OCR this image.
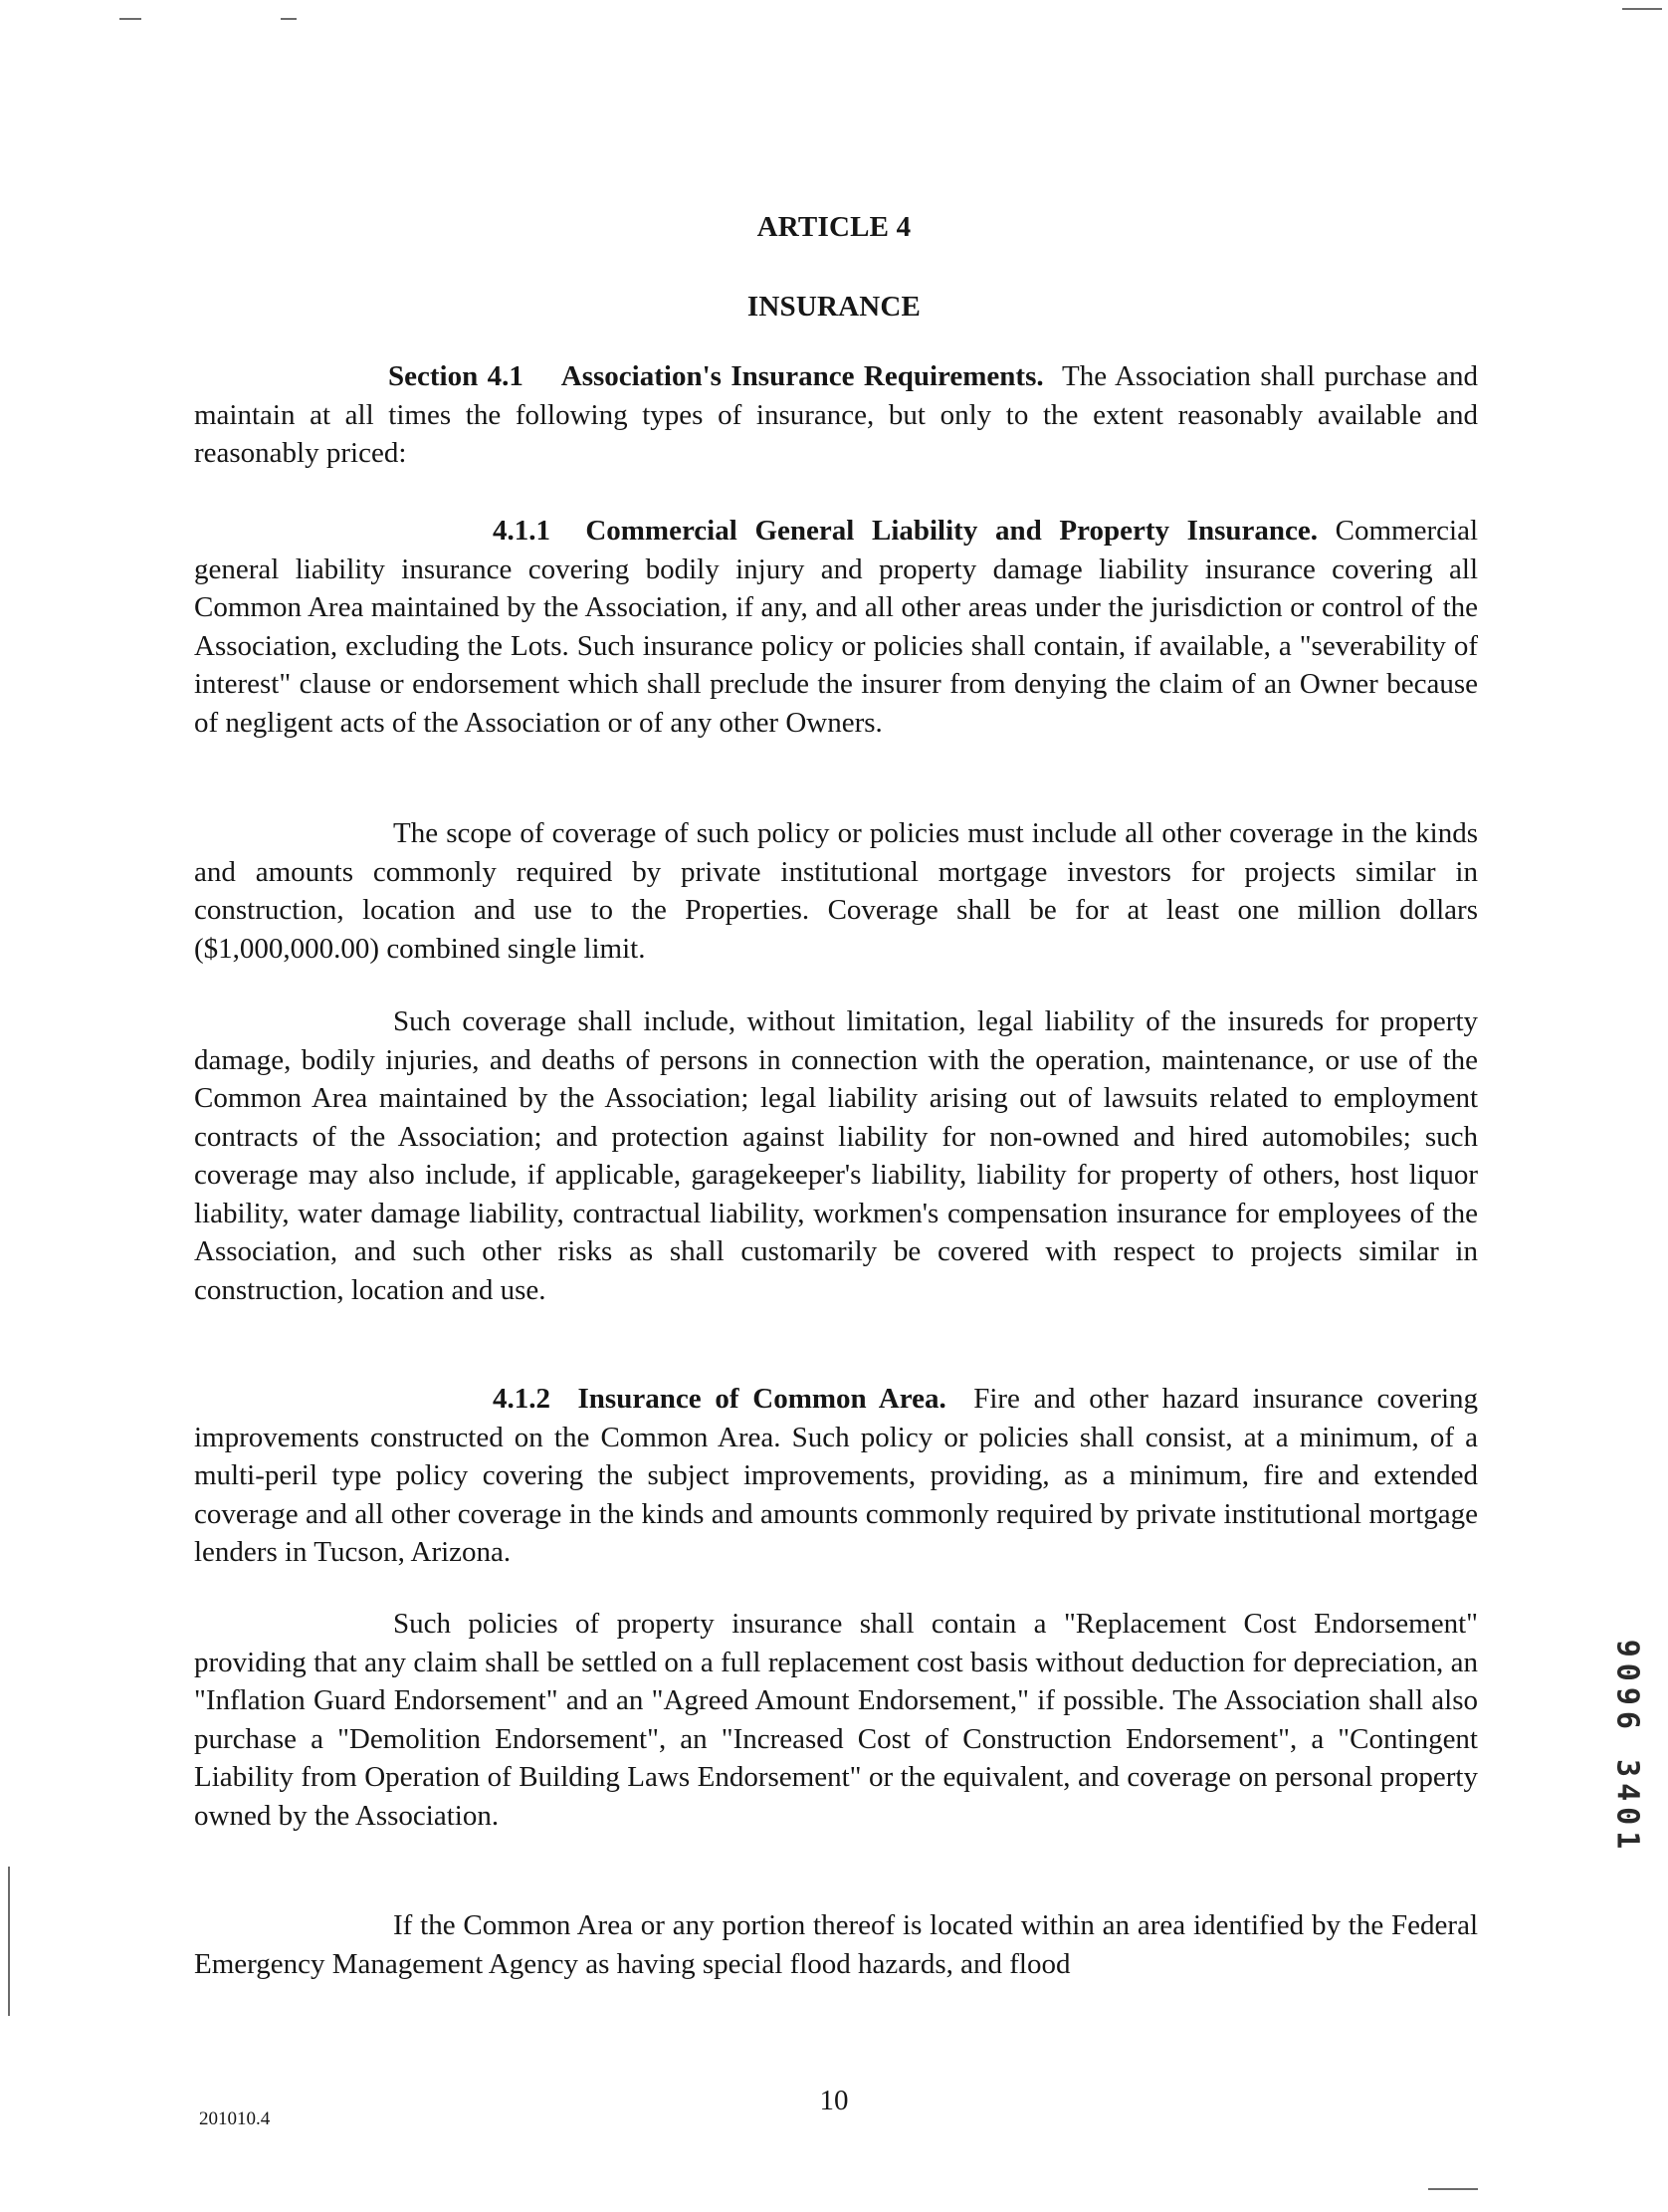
ARTICLE 4
INSURANCE
Section 4.1 Association's Insurance Requirements. The Association shall purchase and maintain at all times the following types of insurance, but only to the extent reasonably available and reasonably priced:
4.1.1 Commercial General Liability and Property Insurance. Commercial general liability insurance covering bodily injury and property damage liability insurance covering all Common Area maintained by the Association, if any, and all other areas under the jurisdiction or control of the Association, excluding the Lots. Such insurance policy or policies shall contain, if available, a "severability of interest" clause or endorsement which shall preclude the insurer from denying the claim of an Owner because of negligent acts of the Association or of any other Owners.
The scope of coverage of such policy or policies must include all other coverage in the kinds and amounts commonly required by private institutional mortgage investors for projects similar in construction, location and use to the Properties. Coverage shall be for at least one million dollars ($1,000,000.00) combined single limit.
Such coverage shall include, without limitation, legal liability of the insureds for property damage, bodily injuries, and deaths of persons in connection with the operation, maintenance, or use of the Common Area maintained by the Association; legal liability arising out of lawsuits related to employment contracts of the Association; and protection against liability for non-owned and hired automobiles; such coverage may also include, if applicable, garagekeeper's liability, liability for property of others, host liquor liability, water damage liability, contractual liability, workmen's compensation insurance for employees of the Association, and such other risks as shall customarily be covered with respect to projects similar in construction, location and use.
4.1.2 Insurance of Common Area. Fire and other hazard insurance covering improvements constructed on the Common Area. Such policy or policies shall consist, at a minimum, of a multi-peril type policy covering the subject improvements, providing, as a minimum, fire and extended coverage and all other coverage in the kinds and amounts commonly required by private institutional mortgage lenders in Tucson, Arizona.
Such policies of property insurance shall contain a "Replacement Cost Endorsement" providing that any claim shall be settled on a full replacement cost basis without deduction for depreciation, an "Inflation Guard Endorsement" and an "Agreed Amount Endorsement," if possible. The Association shall also purchase a "Demolition Endorsement", an "Increased Cost of Construction Endorsement", a "Contingent Liability from Operation of Building Laws Endorsement" or the equivalent, and coverage on personal property owned by the Association.
If the Common Area or any portion thereof is located within an area identified by the Federal Emergency Management Agency as having special flood hazards, and flood
9096 3401
201010.4
10
